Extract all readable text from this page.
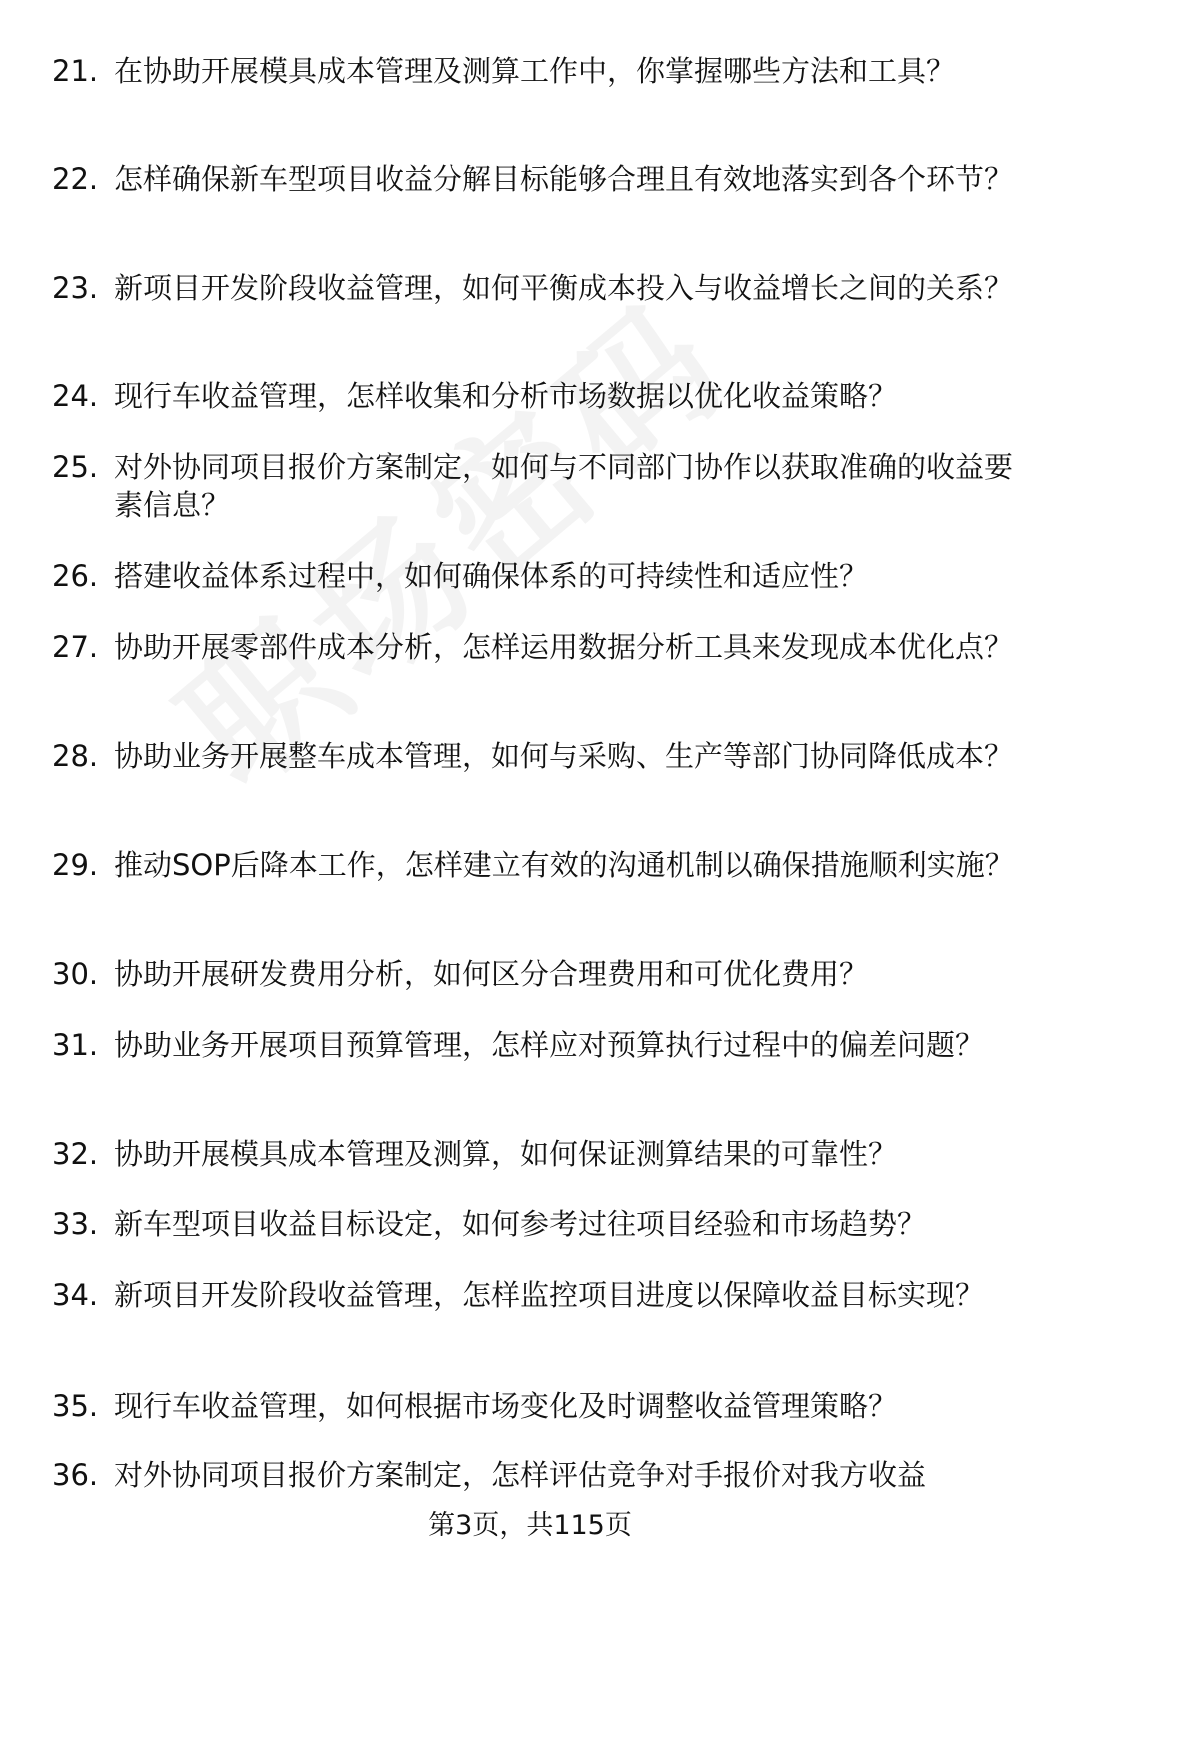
21. 在协助开展模具成本管理及测算工作中，你掌握哪些方法和工具？
22. 怎样确保新车型项目收益分解目标能够合理且有效地落实到各个环节？
23. 新项目开发阶段收益管理，如何平衡成本投入与收益增长之间的关系？
24. 现行车收益管理，怎样收集和分析市场数据以优化收益策略？
25. 对外协同项目报价方案制定，如何与不同部门协作以获取准确的收益要素信息？
26. 搭建收益体系过程中，如何确保体系的可持续性和适应性？
27. 协助开展零部件成本分析，怎样运用数据分析工具来发现成本优化点？
28. 协助业务开展整车成本管理，如何与采购、生产等部门协同降低成本？
29. 推动SOP后降本工作，怎样建立有效的沟通机制以确保措施顺利实施？
30. 协助开展研发费用分析，如何区分合理费用和可优化费用？
31. 协助业务开展项目预算管理，怎样应对预算执行过程中的偏差问题？
32. 协助开展模具成本管理及测算，如何保证测算结果的可靠性？
33. 新车型项目收益目标设定，如何参考过往项目经验和市场趋势？
34. 新项目开发阶段收益管理，怎样监控项目进度以保障收益目标实现？
35. 现行车收益管理，如何根据市场变化及时调整收益管理策略？
36. 对外协同项目报价方案制定，怎样评估竞争对手报价对我方收益
第3页，共115页
